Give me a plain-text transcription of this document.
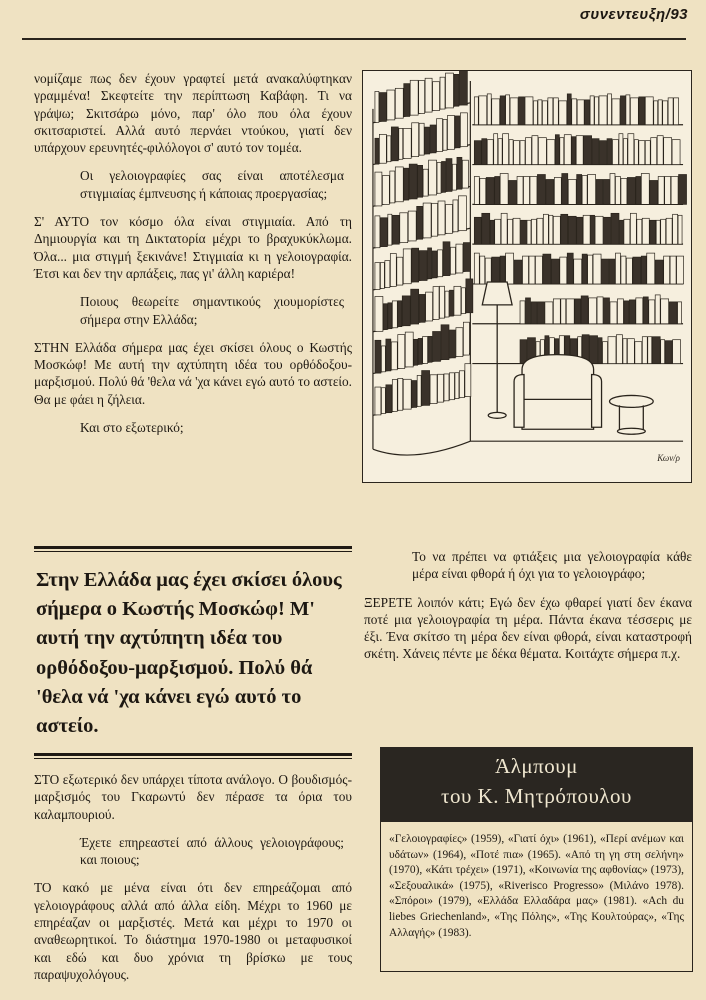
συνεντευξη/93

νομίζαμε πως δεν έχουν γραφτεί μετά ανακαλύφτηκαν γραμμένα! Σκεφτείτε την περίπτωση Καβάφη. Τι να γράψω; Σκιτσάρω μόνο, παρ' όλο που όλα έχουν σκιτσαριστεί. Αλλά αυτό περνάει ντούκου, γιατί δεν υπάρχουν ερευνητές-φιλόλογοι σ' αυτό τον τομέα.

Οι γελοιογραφίες σας είναι αποτέλεσμα στιγμιαίας έμπνευσης ή κάποιας προεργασίας;

Σ' ΑΥΤΟ τον κόσμο όλα είναι στιγμιαία. Από τη Δημιουργία και τη Δικτατορία μέχρι το βραχυκύκλωμα. Όλα... μια στιγμή ξεκινάνε! Στιγμιαία κι η γελοιογραφία. Έτσι και δεν την αρπάξεις, πας γι' άλλη καριέρα!

Ποιους θεωρείτε σημαντικούς χιουμορίστες σήμερα στην Ελλάδα;

ΣΤΗΝ Ελλάδα σήμερα μας έχει σκίσει όλους ο Κωστής Μοσκώφ! Με αυτή την αχτύπητη ιδέα του ορθόδοξου-μαρξισμού. Πολύ θά 'θελα νά 'χα κάνει εγώ αυτό το αστείο. Θα με φάει η ζήλεια.

Και στο εξωτερικό;

Κων/ρ
Στην Ελλάδα μας έχει σκίσει όλους σήμερα ο Κωστής Μοσκώφ! Μ' αυτή την αχτύπητη ιδέα του ορθόδοξου-μαρξισμού. Πολύ θά 'θελα νά 'χα κάνει εγώ αυτό το αστείο.

ΣΤΟ εξωτερικό δεν υπάρχει τίποτα ανάλογο. Ο βουδισμός-μαρξισμός του Γκαρωντύ δεν πέρασε τα όρια του καλαμπουριού.

Έχετε επηρεαστεί από άλλους γελοιογράφους; και ποιους;

ΤΟ κακό με μένα είναι ότι δεν επηρεάζομαι από γελοιογράφους αλλά από άλλα είδη. Μέχρι το 1960 με επηρέαζαν οι μαρξιστές. Μετά και μέχρι το 1970 οι αναθεωρητικοί. Το διάστημα 1970-1980 οι μεταφυσικοί και εδώ και δυο χρόνια τη βρίσκω με τους παραψυχολόγους.

Το να πρέπει να φτιάξεις μια γελοιογραφία κάθε μέρα είναι φθορά ή όχι για το γελοιογράφο;

ΞΕΡΕΤΕ λοιπόν κάτι; Εγώ δεν έχω φθαρεί γιατί δεν έκανα ποτέ μια γελοιογραφία τη μέρα. Πάντα έκανα τέσσερις με έξι. Ένα σκίτσο τη μέρα δεν είναι φθορά, είναι καταστροφή σκέτη. Χάνεις πέντε με δέκα θέματα. Κοιτάχτε σήμερα π.χ.

Άλμπουμ
του Κ. Μητρόπουλου
«Γελοιογραφίες» (1959), «Γιατί όχι» (1961), «Περί ανέμων και υδάτων» (1964), «Ποτέ πια» (1965). «Από τη γη στη σελήνη» (1970), «Κάτι τρέχει» (1971), «Κοινωνία της αφθονίας» (1973), «Σεξουαλικά» (1975), «Riverisco Progresso» (Μιλάνο 1978). «Σπόροι» (1979), «Ελλάδα Ελλαδάρα μας» (1981). «Ach du liebes Griechenland», «Της Πόλης», «Της Κουλτούρας», «Της Αλλαγής» (1983).
